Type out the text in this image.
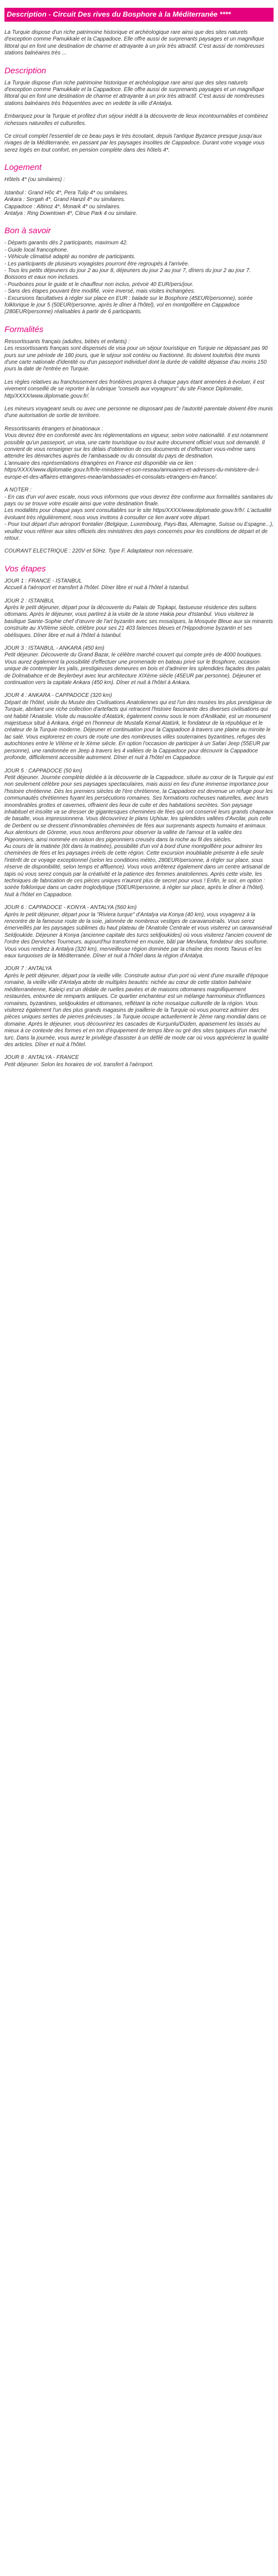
Description - Circuit Des rives du Bosphore à la Méditerranée ****

La Turquie dispose d'un riche patrimoine historique et archéologique rare ainsi que des sites naturels d'exception comme Pamukkale et la Cappadoce. Elle offre aussi de surprenants paysages et un magnifique littoral qui en font une destination de charme et attrayante à un prix très attractif. C'est aussi de nombreuses stations balnéaires très ...

Description

La Turquie dispose d'un riche patrimoine historique et archéologique rare ainsi que des sites naturels d'exception comme Pamukkale et la Cappadoce. Elle offre aussi de surprenants paysages et un magnifique littoral qui en font une destination de charme et attrayante à un prix très attractif. C'est aussi de nombreuses stations balnéaires très fréquentées avec en vedette la ville d'Antalya.

Embarquez pour la Turquie et profitez d'un séjour inédit à la découverte de lieux incontournables et combinez richesses naturelles et culturelles.

Ce circuit complet l'essentiel de ce beau pays le très écoutant, depuis l'antique Byzance presque jusqu'aux rivages de la Méditerranée, en passant par les paysages insolites de Cappadoce. Durant votre voyage vous serez logés en tout confort, en pension complète dans des hôtels 4*.

Logement

Hôtels 4* (ou similaires) :

Istanbul : Grand Hôc 4*, Pera Tulip 4* ou similaires.
Ankara : Sergah 4*, Grand Hanzil 4* ou similaires.
Cappadoce : Altinoz 4*, Monark 4* ou similaires.
Antalya : Ring Downtown 4*, Citrue Park 4 ou similaire.

Bon à savoir

- Départs garantis dès 2 participants, maximum 42.
- Guide local francophone.
- Véhicule climatisé adapté au nombre de participants.
- Les participants de plusieurs voyagistes pourront être regroupés à l'arrivée.
- Tous les petits déjeuners du jour 2 au jour 8, déjeuners du jour 2 au jour 7, dîners du jour 2 au jour 7. Boissons et eaux non incluses.
- Pourboires pour le guide et le chauffeur non inclus, prévoir 40 EUR/pers/jour.
- Sans des étapes pouvant être modifié, voire inversé, mais visites inchangées.
- Excursions facultatives à régler sur place en EUR : balade sur le Bosphore (45EUR/personne), soirée folklorique le jour 5 (50EUR/personne, après le dîner à l'hôtel), vol en montgolfière en Cappadoce (280EUR/personne) réalisables à partir de 6 participants.

Formalités

Ressortissants français (adultes, bébés et enfants) :
Les ressortissants français sont dispensés de visa pour un séjour touristique en Turquie ne dépassant pas 90 jours sur une période de 180 jours, que le séjour soit continu ou fractionné. Ils doivent toutefois être munis d'une carte nationale d'identité ou d'un passeport individuel dont la durée de validité dépasse d'au moins 150 jours la date de l'entrée en Turquie.

Les règles relatives au franchissement des frontières propres à chaque pays étant amenées à évoluer, il est vivement conseillé de se reporter à la rubrique "conseils aux voyageurs" du site France Diplomatie, http/XXXX/www.diplomatie.gouv.fr/.

Les mineurs voyageant seuls ou avec une personne ne disposant pas de l'autorité parentale doivent être munis d'une autorisation de sortie de territoire.

Ressortissants étrangers et binationaux :
Vous devrez être en conformité avec les réglementations en vigueur, selon votre nationalité. Il est notamment possible qu'un passeport, un visa, une carte touristique ou tout autre document officiel vous soit demandé. Il convient de vous renseigner sur les délais d'obtention de ces documents et d'effectuer vous-même sans attendre les démarches auprès de l'ambassade ou du consulat du pays de destination.
L'annuaire des représentations étrangères en France est disponible via ce lien : https/XXXX/www.diplomatie.gouv.fr/fr/le-ministere-et-son-reseau/annuaires-et-adresses-du-ministere-de-l-europe-et-des-affaires-etrangeres-meae/ambassades-et-consulats-etrangers-en-france/.

A NOTER :
- En cas d'un vol avec escale, nous vous informons que vous devrez être conforme aux formalités sanitaires du pays ou se trouve votre escale ainsi que votre destination finale.
Les modalités pour chaque pays sont consultables sur le site https/XXXX/www.diplomatie.gouv.fr/fr/. L'actualité évoluant très régulièrement, nous vous invitons à consulter ce lien avant votre départ.
- Pour tout départ d'un aéroport frontalier (Belgique, Luxembourg, Pays-Bas, Allemagne, Suisse ou Espagne...), veuillez vous référer aux sites officiels des ministères des pays concernés pour les conditions de départ et de retour.

COURANT ELECTRIQUE : 220V et 50Hz. Type F. Adaptateur non nécessaire.

Vos étapes
JOUR 1 : FRANCE - ISTANBUL
Accueil à l'aéroport et transfert à l'hôtel. Dîner libre et nuit à l'hôtel à Istanbul.
JOUR 2 : ISTANBUL
Après le petit déjeuner, départ pour la découverte du Palais de Topkapi, fastueuse résidence des sultans ottomans. Après le déjeuner, vous partirez à la visite de la stone Hakia peur d'Istanbul. Vous visiterez la basilique Sainte-Sophie chef d'œuvre de l'art byzantin avec ses mosaïques, la Mosquée Bleue aux six minarets construite au XVIIème siècle, célèbre pour ses 21 403 faïences bleues et l'Hippodrome byzantin et ses obélisques. Dîner libre et nuit à l'hôtel à Istanbul.
JOUR 3 : ISTANBUL - ANKARA (450 km)
Petit déjeuner. Découverte du Grand Bazar, le célèbre marché couvert qui compte près de 4000 boutiques. Vous aurez également la possibilité d'effectuer une promenade en bateau privé sur le Bosphore, occasion unique de contempler les yalis, prestigieuses demeures en bois et d'admirer les splendides façades des palais de Dolmabahce et de Beylerbeyi avec leur architecture XIXème siècle (45EUR par personne). Déjeuner et continuation vers la capitale Ankara (450 km). Dîner et nuit à l'hôtel à Ankara.
JOUR 4 : ANKARA - CAPPADOCE (320 km)
Départ de l'hôtel, visite du Musée des Civilisations Anatoliennes qui est l'un des musées les plus prestigieux de Turquie, abritant une riche collection d'artefacts qui retracent l'histoire fascinante des diverses civilisations qui ont habité l'Anatolie. Visite du mausolée d'Atatürk, également connu sous le nom d'Anitkabir, est un monument majestueux situé à Ankara, érigé en l'honneur de Mustafa Kemal Atatürk, le fondateur de la république et le créateur de la Turquie moderne. Déjeuner et continuation pour la Cappadoce à travers une plaine au miroite le lac salé. Vous explorerez en cours de route une des nombreuses villes souterraines byzantines, refuges des autochtones entre le VIIème et le Xème siècle. En option l'occasion de participer à un Safari Jeep (55EUR par personne), une randonnée en Jeep à travers les 4 vallées de la Cappadoce pour découvrir la Cappadoce profonde, difficilement accessible autrement. Dîner et nuit à l'hôtel en Cappadoce.
JOUR 5 : CAPPADOCE (50 km)
Petit déjeuner. Journée complète dédiée à la découverte de la Cappadoce, située au cœur de la Turquie qui est non seulement célèbre pour ses paysages spectaculaires, mais aussi en lieu d'une immense importance pour l'histoire chrétienne. Dès les premiers siècles de l'ère chrétienne, la Cappadoce est devenue un refuge pour les communautés chrétiennes fuyant les persécutions romaines. Ses formations rocheuses naturelles, avec leurs innombrables grottes et cavernes, offraient des lieux de culte et des habitations secrètes. Son paysage inhabituel et insolite va se dresser de gigantesques cheminées de fées qui ont conservé leurs grands chapeaux de basalte, vous impressionnera. Vous découvrirez le plans Uçhisar, les splendides vallées d'Avcilar, puis celle de Derbent ou se dressent d'innombrables cheminées de fées aux surprenants aspects humains et animaux. Aux alentours de Göreme, vous nous arrêterons pour observer la vallée de l'amour et la vallée des Pigeonniers, ainsi nommée en raison des pigeonniers creusés dans la roche au fil des siècles.
Au cours de la matinée (tôt dans la matinée), possibilité d'un vol à bord d'une montgolfière pour admirer les cheminées de fées et les paysages irréels de cette région. Cette excursion inoubliable présente à elle seule l'intérêt de ce voyage exceptionnel (selon les conditions météo, 280EUR/personne, à régler sur place, sous réserve de disponibilité, selon temps et affluence). Vous vous arrêterez également dans un centre artisanal de tapis où vous serez conquis par la créativité et la patience des femmes anatoliennes. Après cette visite, les techniques de fabrication de ces pièces uniques n'auront plus de secret pour vous ! Enfin, le soir, en option : soirée folklorique dans un cadre troglodytique (50EUR/personne, à régler sur place, après le dîner à l'hôtel). Nuit à l'hôtel en Cappadoce.
JOUR 6 : CAPPADOCE - KONYA - ANTALYA (560 km)
Après le petit déjeuner, départ pour la "Riviera turque" d'Antalya via Konya (40 km), vous voyagerez à la rencontre de la fameuse route de la soie, jalonnée de nombreux vestiges de caravansérails. Vous serez émerveillés par les paysages sublimes du haut plateau de l'Anatolie Centrale et vous visiterez un caravansérail Seldjoukide. Déjeuner à Konya (ancienne capitale des turcs seldjoukides) où vous visiterez l'ancien couvent de l'ordre des Derviches Tourneurs, aujourd'hui transformé en musée, bâti par Mevlana, fondateur des soufisme. Vous vous rendrez à Antalya (320 km), merveilleuse région dominée par la chaîne des monts Taurus et les eaux turquoises de la Méditerranée. Dîner et nuit à l'hôtel dans la région d'Antalya.
JOUR 7 : ANTALYA
Après le petit déjeuner, départ pour la vieille ville. Construite autour d'un port où vient d'une muraille d'époque romaine, la vieille ville d'Antalya abrite de multiples beautés: nichée au cœur de cette station balnéaire méditerranéenne, Kaleiçi est un dédale de ruelles pavées et de maisons ottomanes magnifiquement restaurées, entourée de remparts antiques. Ce quartier enchanteur est un mélange harmonieux d'influences romaines, byzantines, seldjoukides et ottomanes, reflétant la riche mosaïque culturelle de la région. Vous visiterez également l'un des plus grands magasins de joaillerie de la Turquie où vous pourrez admirer des pièces uniques serties de pierres précieuses ; la Turquie occupe actuellement le 2ème rang mondial dans ce domaine. Après le déjeuner, vous découvrirez les cascades de Kurşunlu/Düden, apaisement les lassés au mieux à ce contexte des formes et en ton d'équipement de temps libre ou gré des sites typiques d'un marché turc. Dans la journée, vous aurez le privilège d'assister à un défilé de mode car où vous apprécierez la qualité des articles. Dîner et nuit à l'hôtel.
JOUR 8 : ANTALYA - FRANCE
Petit déjeuner. Selon les horaires de vol, transfert à l'aéroport.
